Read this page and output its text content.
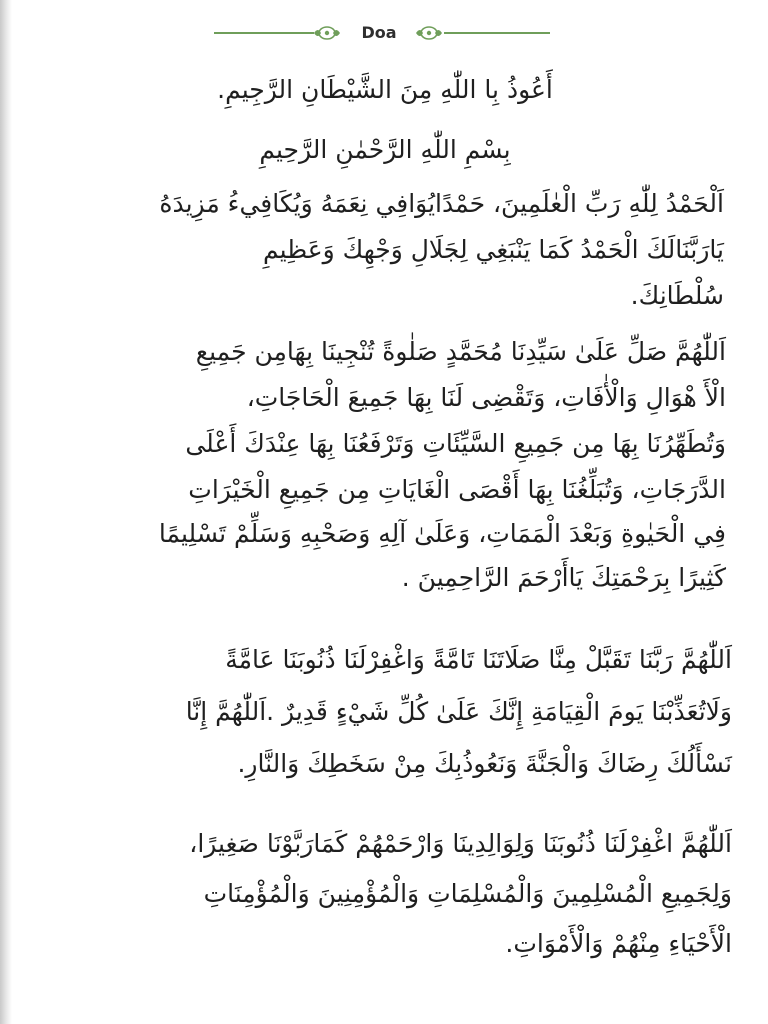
Doa
أَعُوذُ بِا اللّٰهِ مِنَ الشَّيْطَانِ الرَّجِيمِ.
بِسْمِ اللّٰهِ الرَّحْمٰنِ الرَّحِيمِ
اَلْحَمْدُ لِلّٰهِ رَبِّ الْعٰلَمِينَ، حَمْدًايُوَافِي نِعَمَهُ وَيُكَافِيءُ مَزِيدَهُ
يَارَبَّنَالَكَ الْحَمْدُ كَمَا يَنْبَغِي لِجَلَالِ وَجْهِكَ وَعَظِيمِ
سُلْطَانِكَ.
اَللّٰهُمَّ صَلِّ عَلَىٰ سَيِّدِنَا مُحَمَّدٍ صَلٰوةً تُنْجِينَا بِهَامِن جَمِيعِ
الْأَ هْوَالِ وَالْأٰفَاتِ، وَتَقْضِى لَنَا بِهَا جَمِيعَ الْحَاجَاتِ،
وَتُطَهِّرُنَا بِهَا مِن جَمِيعِ السَّيِّئَاتِ وَتَرْفَعُنَا بِهَا عِنْدَكَ أَعْلَى
الدَّرَجَاتِ، وَتُبَلِّغُنَا بِهَا أَقْصَى الْغَايَاتِ مِن جَمِيعِ الْخَيْرَاتِ
فِي الْحَيٰوةِ وَبَعْدَ الْمَمَاتِ، وَعَلَىٰ آلِهِ وَصَحْبِهِ وَسَلِّمْ تَسْلِيمًا
كَثِيرًا بِرَحْمَتِكَ يَاأَرْحَمَ الرَّاحِمِينَ .
اَللّٰهُمَّ رَبَّنَا تَقَبَّلْ مِنَّا صَلَاتَنَا تَامَّةً وَاغْفِرْلَنَا ذُنُوبَنَا عَامَّةً
وَلَاتُعَذِّبْنَا يَومَ الْقِيَامَةِ إِنَّكَ عَلَىٰ كُلِّ شَيْءٍ قَدِيرٌ .اَللّٰهُمَّ إِنَّا
نَسْأَلُكَ رِضَاكَ وَالْجَنَّةَ وَنَعُوذُبِكَ مِنْ سَخَطِكَ وَالنَّارِ.
اَللّٰهُمَّ اغْفِرْلَنَا ذُنُوبَنَا وَلِوَالِدِينَا وَارْحَمْهُمْ كَمَارَبَّوْنَا صَغِيرًا،
وَلِجَمِيعِ الْمُسْلِمِينَ وَالْمُسْلِمَاتِ وَالْمُؤْمِنِينَ وَالْمُؤْمِنَاتِ
الْأَحْيَاءِ مِنْهُمْ وَالْأَمْوَاتِ.
